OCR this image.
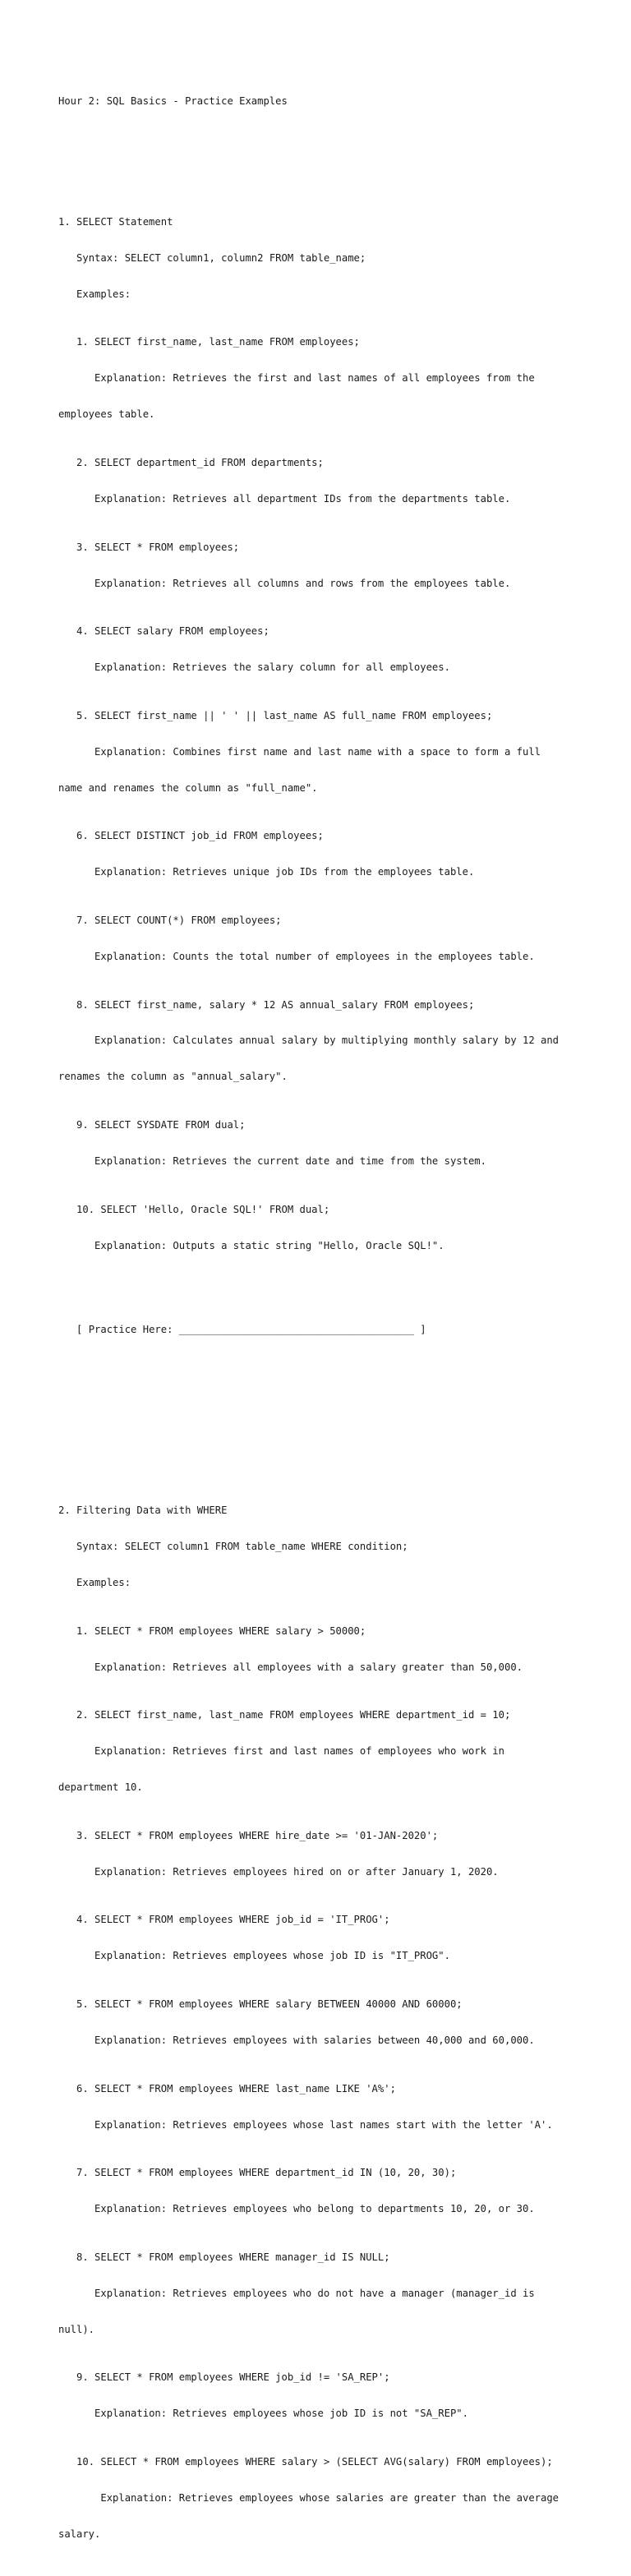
Hour 2: SQL Basics - Practice Examples

1. SELECT Statement

Syntax: SELECT column1, column2 FROM table_name;

Examples:

1. SELECT first_name, last_name FROM employees;

Explanation: Retrieves the first and last names of all employees from the

employees table.

2. SELECT department_id FROM departments;

Explanation: Retrieves all department IDs from the departments table.

3. SELECT * FROM employees;

Explanation: Retrieves all columns and rows from the employees table.

4. SELECT salary FROM employees;

Explanation: Retrieves the salary column for all employees.

5. SELECT first_name || ' ' || last_name AS full_name FROM employees;

Explanation: Combines first name and last name with a space to form a full

name and renames the column as "full_name".

6. SELECT DISTINCT job_id FROM employees;

Explanation: Retrieves unique job IDs from the employees table.

7. SELECT COUNT(*) FROM employees;

Explanation: Counts the total number of employees in the employees table.

8. SELECT first_name, salary * 12 AS annual_salary FROM employees;

Explanation: Calculates annual salary by multiplying monthly salary by 12 and

renames the column as "annual_salary".

9. SELECT SYSDATE FROM dual;

Explanation: Retrieves the current date and time from the system.

10. SELECT 'Hello, Oracle SQL!' FROM dual;

Explanation: Outputs a static string "Hello, Oracle SQL!".

[ Practice Here: _______________________________________ ]

2. Filtering Data with WHERE

Syntax: SELECT column1 FROM table_name WHERE condition;

Examples:

1. SELECT * FROM employees WHERE salary > 50000;

Explanation: Retrieves all employees with a salary greater than 50,000.

2. SELECT first_name, last_name FROM employees WHERE department_id = 10;

Explanation: Retrieves first and last names of employees who work in

department 10.

3. SELECT * FROM employees WHERE hire_date >= '01-JAN-2020';

Explanation: Retrieves employees hired on or after January 1, 2020.

4. SELECT * FROM employees WHERE job_id = 'IT_PROG';

Explanation: Retrieves employees whose job ID is "IT_PROG".

5. SELECT * FROM employees WHERE salary BETWEEN 40000 AND 60000;

Explanation: Retrieves employees with salaries between 40,000 and 60,000.

6. SELECT * FROM employees WHERE last_name LIKE 'A%';

Explanation: Retrieves employees whose last names start with the letter 'A'.

7. SELECT * FROM employees WHERE department_id IN (10, 20, 30);

Explanation: Retrieves employees who belong to departments 10, 20, or 30.

8. SELECT * FROM employees WHERE manager_id IS NULL;

Explanation: Retrieves employees who do not have a manager (manager_id is

null).

9. SELECT * FROM employees WHERE job_id != 'SA_REP';

Explanation: Retrieves employees whose job ID is not "SA_REP".

10. SELECT * FROM employees WHERE salary > (SELECT AVG(salary) FROM employees);

Explanation: Retrieves employees whose salaries are greater than the average

salary.
